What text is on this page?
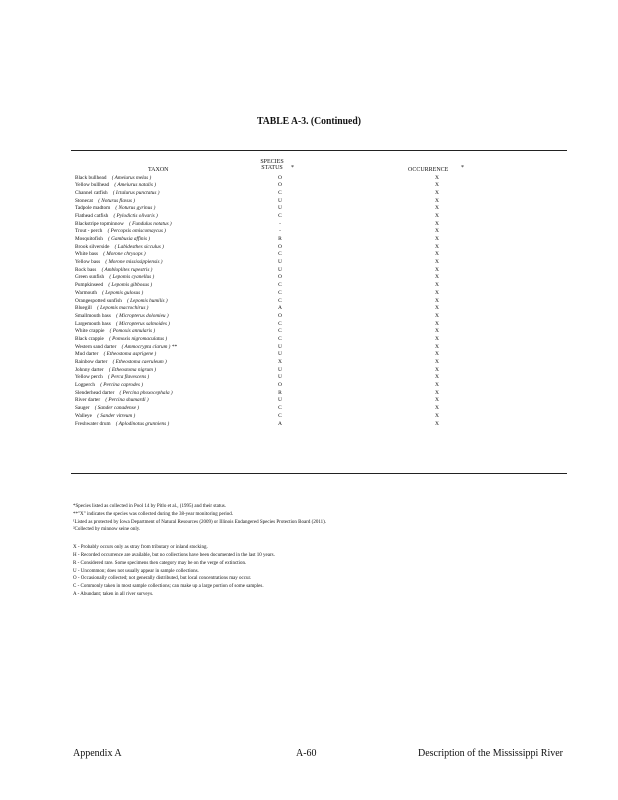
TABLE A-3. (Continued)
SPECIES STATUS *
TAXON	OCCURRENCE *
Black bullhead ( Ameiurus melas )	O	X
Yellow bullhead ( Ameiurus natalis )	O	X
Channel catfish ( Ictalurus punctatus )	C	X
Stonecat ( Noturus flavus )	U	X
Tadpole madtom ( Noturus gyrinus )	U	X
Flathead catfish ( Pylodictis olivaris )	C	X
Blackstripe topminnow ( Fundulus notatus )	-	X
Trout - perch ( Percopsis omiscomaycus )	-	X
Mosquitofish ( Gambusia affinis )	R	X
Brook silverside ( Labidesthes sicculus )	O	X
White bass ( Morone chrysops )	C	X
Yellow bass ( Morone mississippiensis )	U	X
Rock bass ( Ambloplites rupestris )	U	X
Green sunfish ( Lepomis cyanellus )	O	X
Pumpkinseed ( Lepomis gibbosus )	C	X
Warmouth ( Lepomis gulosus )	C	X
Orangespotted sunfish ( Lepomis humilis )	C	X
Bluegill ( Lepomis macrochirus )	A	X
Smallmouth bass ( Micropterus dolomieu )	O	X
Largemouth bass ( Micropterus salmoides )	C	X
White crappie ( Pomoxis annularis )	C	X
Black crappie ( Pomoxis nigromaculatus )	C	X
Western sand darter ( Ammocrypta clarum ) **	U	X
Mud darter ( Etheostoma asprigene )	U	X
Rainbow darter ( Etheostoma caeruleum )	X	X
Johnny darter ( Etheostoma nigrum )	U	X
Yellow perch ( Perca flavescens )	U	X
Logperch ( Percina caprodes )	O	X
Slenderhead darter ( Percina phoxocephala )	R	X
River darter ( Percina shumardi )	U	X
Sauger ( Sander canadense )	C	X
Walleye ( Sander vitreum )	C	X
Freshwater drum ( Aplodinotus grunniens )	A	X
*Species listed as collected in Pool 14 by Pitlo et al., (1995) and their status.
**"X" indicates the species was collected during the 38-year monitoring period.
¹Listed as protected by Iowa Department of Natural Resources (2009) or Illinois Endangered Species Protection Board (2011).
²Collected by minnow seine only.
X - Probably occurs only as stray from tributary or inland stocking.
H - Recorded occurrence are available, but no collections have been documented in the last 10 years.
R - Considered rare. Some specimens then category may be on the verge of extinction.
U - Uncommon; does not usually appear in sample collections.
O - Occasionally collected; not generally distributed, but local concentrations may occur.
C - Commonly taken in most sample collections; can make up a large portion of some samples.
A - Abundant; taken in all river surveys.
Appendix A	A-60	Description of the Mississippi River
